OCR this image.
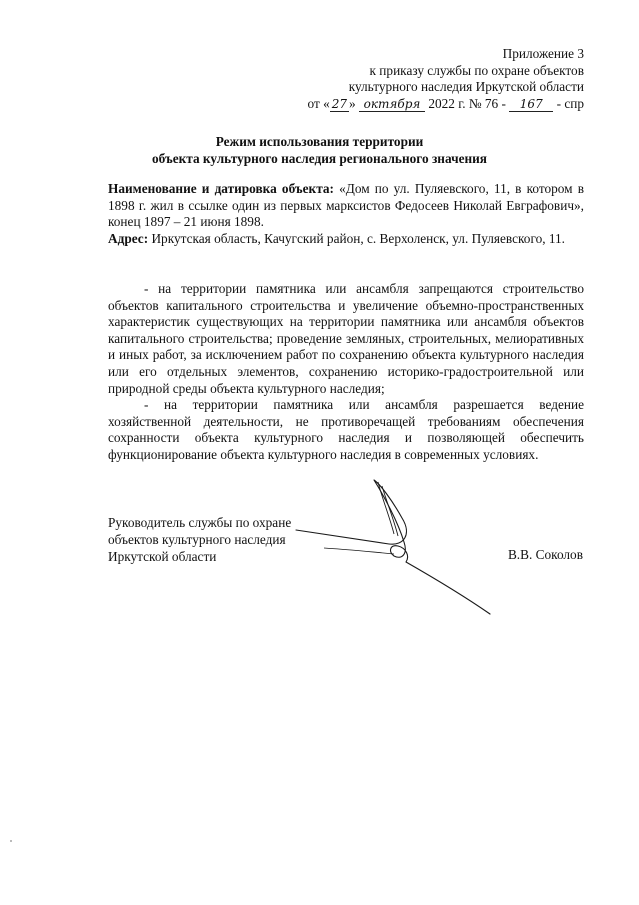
Приложение 3
к приказу службы по охране объектов
культурного наследия Иркутской области
от « 27 » октября 2022 г. № 76 - 167 - спр
Режим использования территории
объекта культурного наследия регионального значения
Наименование и датировка объекта: «Дом по ул. Пуляевского, 11, в котором в 1898 г. жил в ссылке один из первых марксистов Федосеев Николай Евграфович», конец 1897 – 21 июня 1898.
Адрес: Иркутская область, Качугский район, с. Верхоленск, ул. Пуляевского, 11.

- на территории памятника или ансамбля запрещаются строительство объектов капитального строительства и увеличение объемно-пространственных характеристик существующих на территории памятника или ансамбля объектов капитального строительства; проведение земляных, строительных, мелиоративных и иных работ, за исключением работ по сохранению объекта культурного наследия или его отдельных элементов, сохранению историко-градостроительной или природной среды объекта культурного наследия;

- на территории памятника или ансамбля разрешается ведение хозяйственной деятельности, не противоречащей требованиям обеспечения сохранности объекта культурного наследия и позволяющей обеспечить функционирование объекта культурного наследия в современных условиях.

Руководитель службы по охране
объектов культурного наследия
Иркутской области	В.В. Соколов
